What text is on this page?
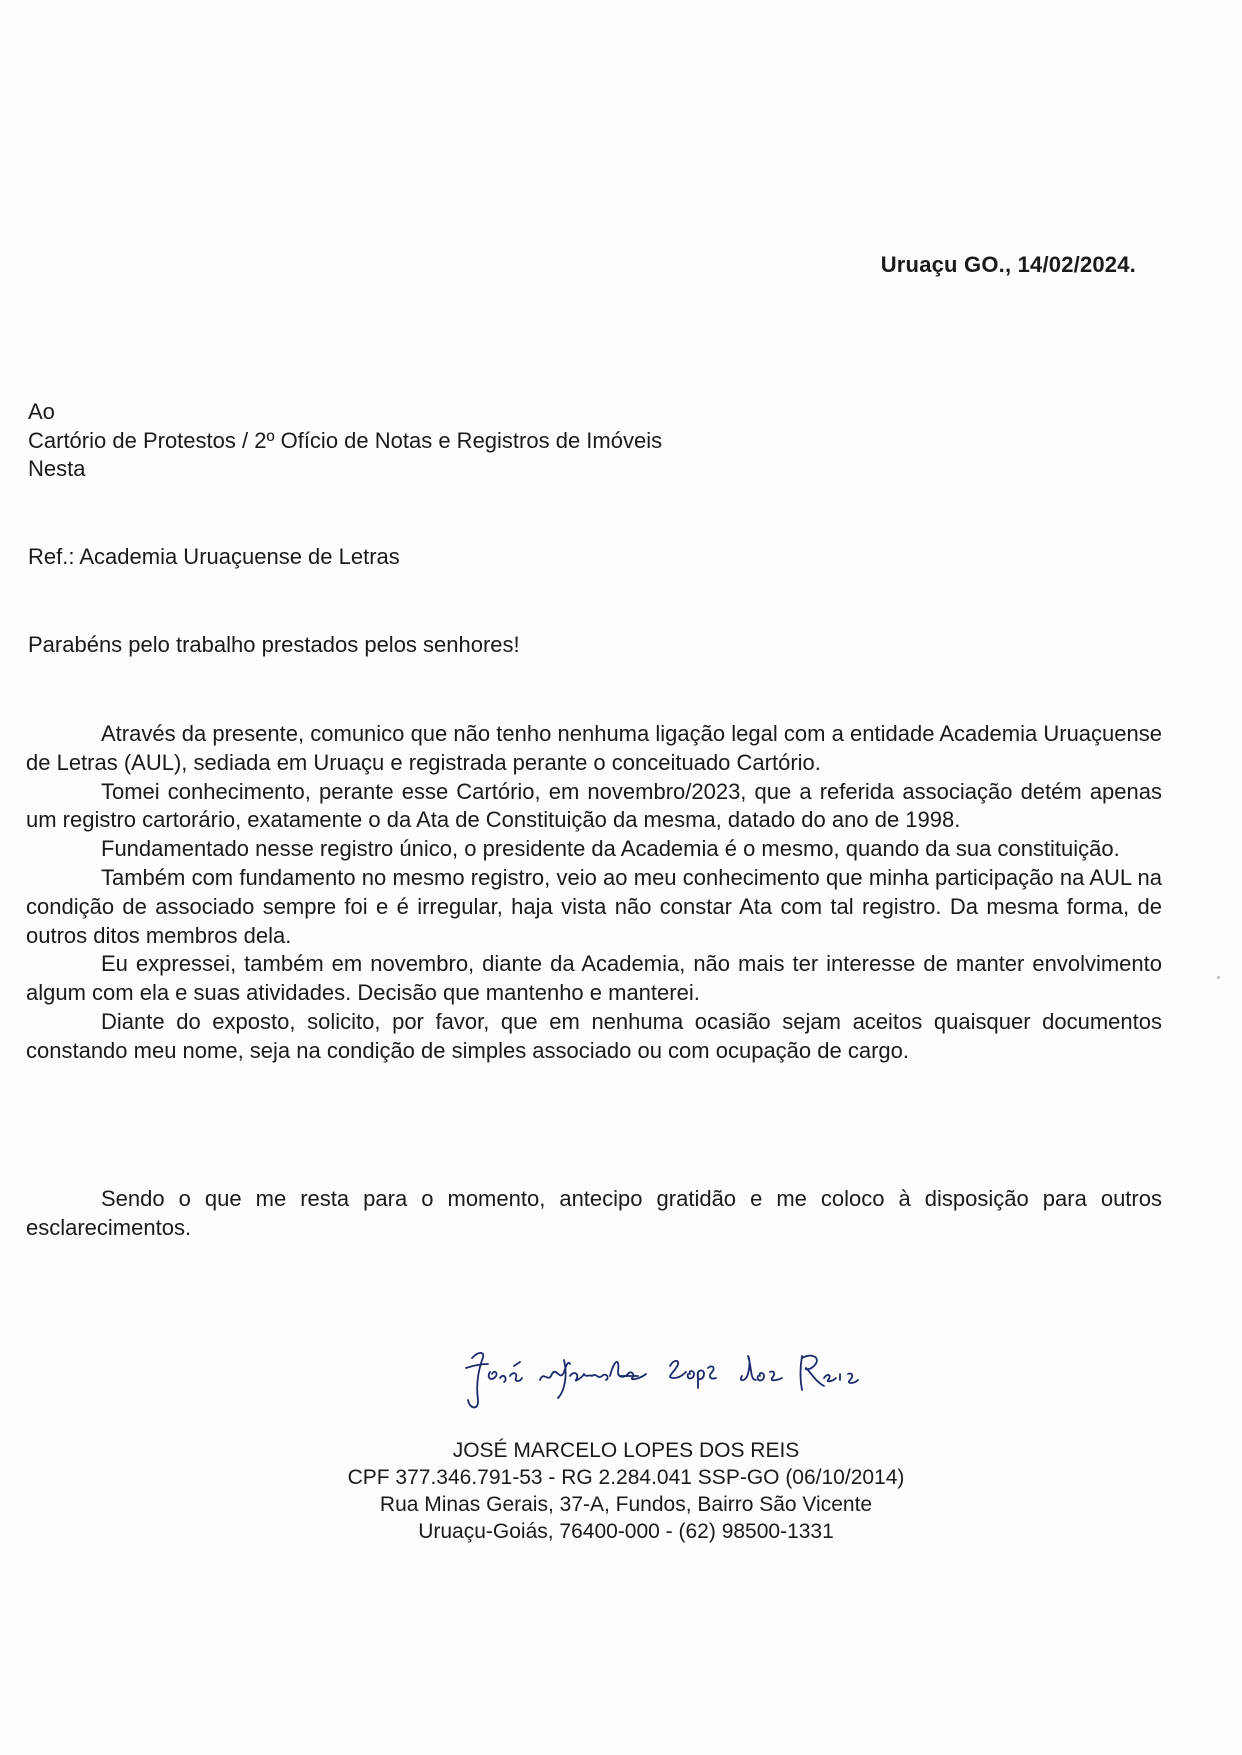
Uruaçu GO., 14/02/2024.
Ao
Cartório de Protestos / 2º Ofício de Notas e Registros de Imóveis
Nesta
Ref.: Academia Uruaçuense de Letras
Parabéns pelo trabalho prestados pelos senhores!

Através da presente, comunico que não tenho nenhuma ligação legal com a entidade Academia Uruaçuense de Letras (AUL), sediada em Uruaçu e registrada perante o conceituado Cartório.

Tomei conhecimento, perante esse Cartório, em novembro/2023, que a referida associação detém apenas um registro cartorário, exatamente o da Ata de Constituição da mesma, datado do ano de 1998.

Fundamentado nesse registro único, o presidente da Academia é o mesmo, quando da sua constituição.

Também com fundamento no mesmo registro, veio ao meu conhecimento que minha participação na AUL na condição de associado sempre foi e é irregular, haja vista não constar Ata com tal registro. Da mesma forma, de outros ditos membros dela.

Eu expressei, também em novembro, diante da Academia, não mais ter interesse de manter envolvimento algum com ela e suas atividades. Decisão que mantenho e manterei.

Diante do exposto, solicito, por favor, que em nenhuma ocasião sejam aceitos quaisquer documentos constando meu nome, seja na condição de simples associado ou com ocupação de cargo.

Sendo o que me resta para o momento, antecipo gratidão e me coloco à disposição para outros esclarecimentos.

JOSÉ MARCELO LOPES DOS REIS
CPF 377.346.791-53 - RG 2.284.041 SSP-GO (06/10/2014)
Rua Minas Gerais, 37-A, Fundos, Bairro São Vicente
Uruaçu-Goiás, 76400-000 - (62) 98500-1331
